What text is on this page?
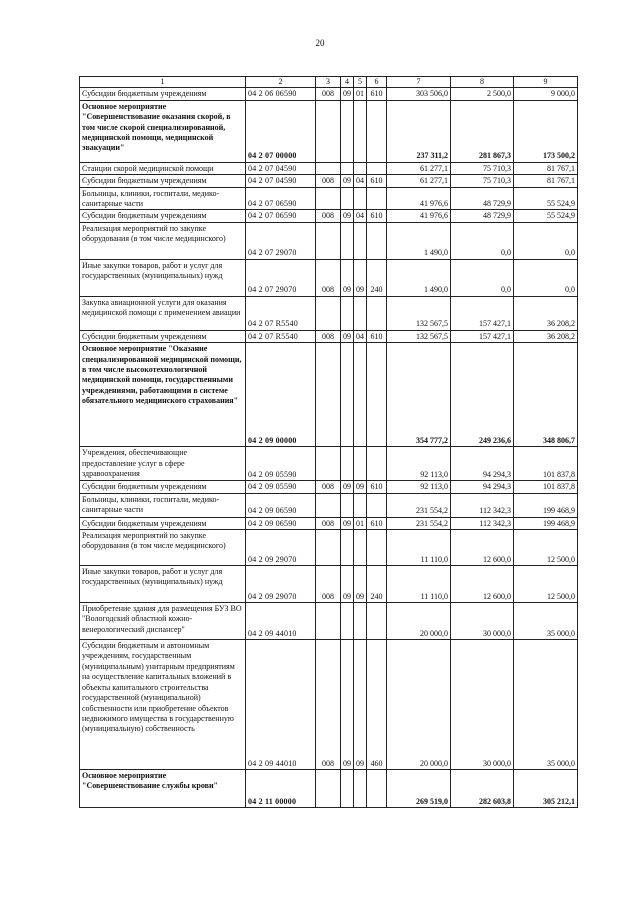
20
1	2	3	4	5	6	7	8	9

Субсидии бюджетным учреждениям	04 2 06 06590	008	09	01	610	303 506,0	2 500,0	9 000,0

Основное мероприятие "Совершенствование оказания скорой, в том числе скорой специализированной, медицинской помощи, медицинской эвакуации"	04 2 07 00000					237 311,2	281 867,3	173 500,2

Станции скорой медицинской помощи	04 2 07 04590					61 277,1	75 710,3	81 767,1

Субсидии бюджетным учреждениям	04 2 07 04590	008	09	04	610	61 277,1	75 710,3	81 767,1

Больницы, клиники, госпитали, медико-санитарные части	04 2 07 06590					41 976,6	48 729,9	55 524,9

Субсидии бюджетным учреждениям	04 2 07 06590	008	09	04	610	41 976,6	48 729,9	55 524,9

Реализация мероприятий по закупке оборудования (в том числе медицинского)	04 2 07 29070					1 490,0	0,0	0,0

Иные закупки товаров, работ и услуг для государственных (муниципальных) нужд	04 2 07 29070	008	09	09	240	1 490,0	0,0	0,0

Закупка авиационной услуги для оказания медицинской помощи с применением авиации	04 2 07 R5540					132 567,5	157 427,1	36 208,2

Субсидии бюджетным учреждениям	04 2 07 R5540	008	09	04	610	132 567,5	157 427,1	36 208,2

Основное мероприятие "Оказание специализированной медицинской помощи, в том числе высокотехнологичной медицинской помощи, государственными учреждениями, работающими в системе обязательного медицинского страхования"	04 2 09 00000					354 777,2	249 236,6	348 806,7

Учреждения, обеспечивающие предоставление услуг в сфере здравоохранения	04 2 09 05590					92 113,0	94 294,3	101 837,8

Субсидии бюджетным учреждениям	04 2 09 05590	008	09	09	610	92 113,0	94 294,3	101 837,8

Больницы, клиники, госпитали, медико-санитарные части	04 2 09 06590					231 554,2	112 342,3	199 468,9

Субсидии бюджетным учреждениям	04 2 09 06590	008	09	01	610	231 554,2	112 342,3	199 468,9

Реализация мероприятий по закупке оборудования (в том числе медицинского)	04 2 09 29070					11 110,0	12 600,0	12 500,0

Иные закупки товаров, работ и услуг для государственных (муниципальных) нужд	04 2 09 29070	008	09	09	240	11 110,0	12 600,0	12 500,0

Приобретение здания для размещения БУЗ ВО "Вологодский областной кожно-венерологический диспансер"	04 2 09 44010					20 000,0	30 000,0	35 000,0

Субсидии бюджетным и автономным учреждениям, государственным (муниципальным) унитарным предприятиям на осуществление капитальных вложений в объекты капитального строительства государственной (муниципальной) собственности или приобретение объектов недвижимого имущества в государственную (муниципальную) собственность	04 2 09 44010	008	09	09	460	20 000,0	30 000,0	35 000,0

Основное мероприятие "Совершенствование службы крови"	04 2 11 00000					269 519,0	282 603,8	305 212,1
